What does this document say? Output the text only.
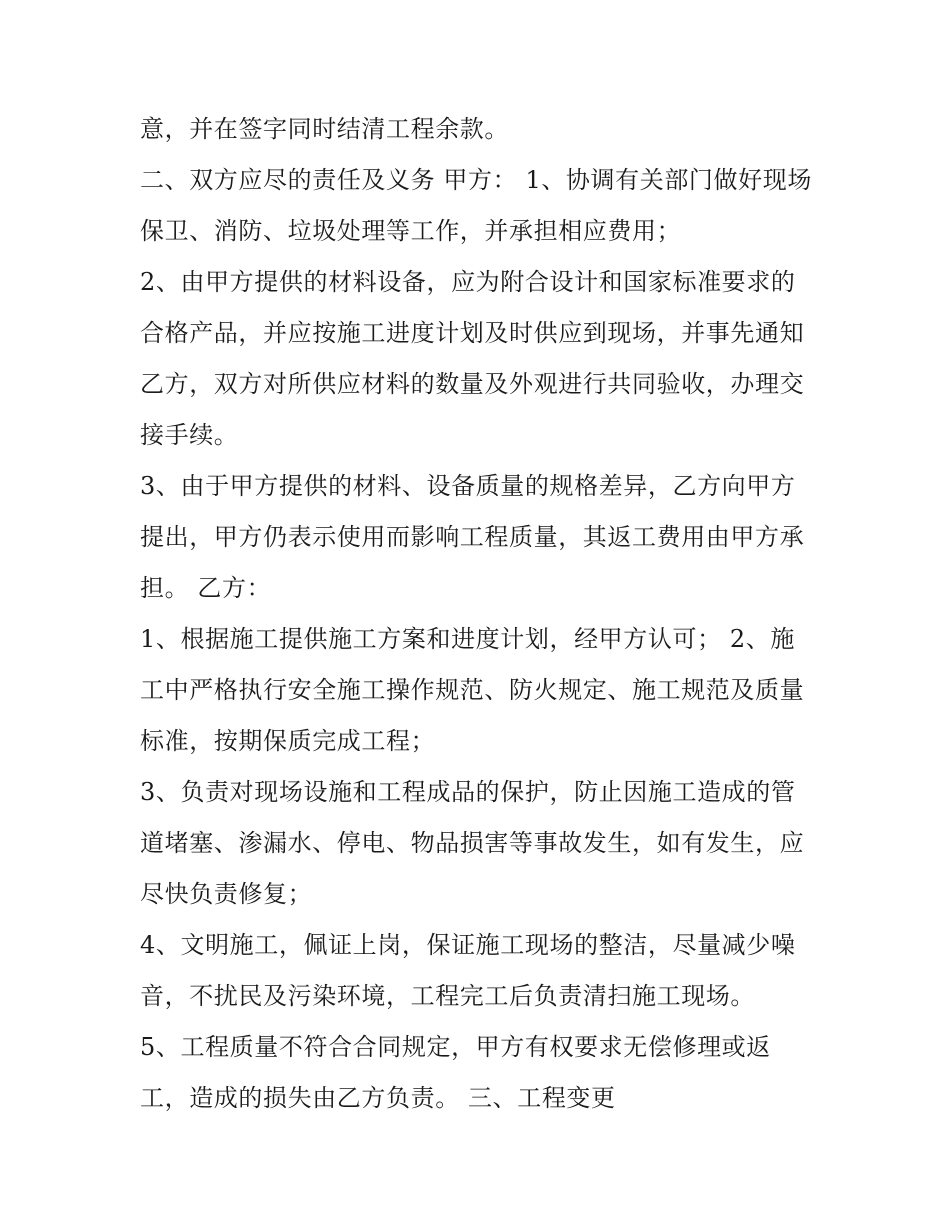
意，并在签字同时结清工程余款。
二、双方应尽的责任及义务 甲方： 1、协调有关部门做好现场
保卫、消防、垃圾处理等工作，并承担相应费用；
2、由甲方提供的材料设备，应为附合设计和国家标准要求的
合格产品，并应按施工进度计划及时供应到现场，并事先通知
乙方，双方对所供应材料的数量及外观进行共同验收，办理交
接手续。
3、由于甲方提供的材料、设备质量的规格差异，乙方向甲方
提出，甲方仍表示使用而影响工程质量，其返工费用由甲方承
担。 乙方：
1、根据施工提供施工方案和进度计划，经甲方认可； 2、施
工中严格执行安全施工操作规范、防火规定、施工规范及质量
标准，按期保质完成工程；
3、负责对现场设施和工程成品的保护，防止因施工造成的管
道堵塞、渗漏水、停电、物品损害等事故发生，如有发生，应
尽快负责修复；
4、文明施工，佩证上岗，保证施工现场的整洁，尽量减少噪
音，不扰民及污染环境，工程完工后负责清扫施工现场。
5、工程质量不符合合同规定，甲方有权要求无偿修理或返
工，造成的损失由乙方负责。 三、工程变更
